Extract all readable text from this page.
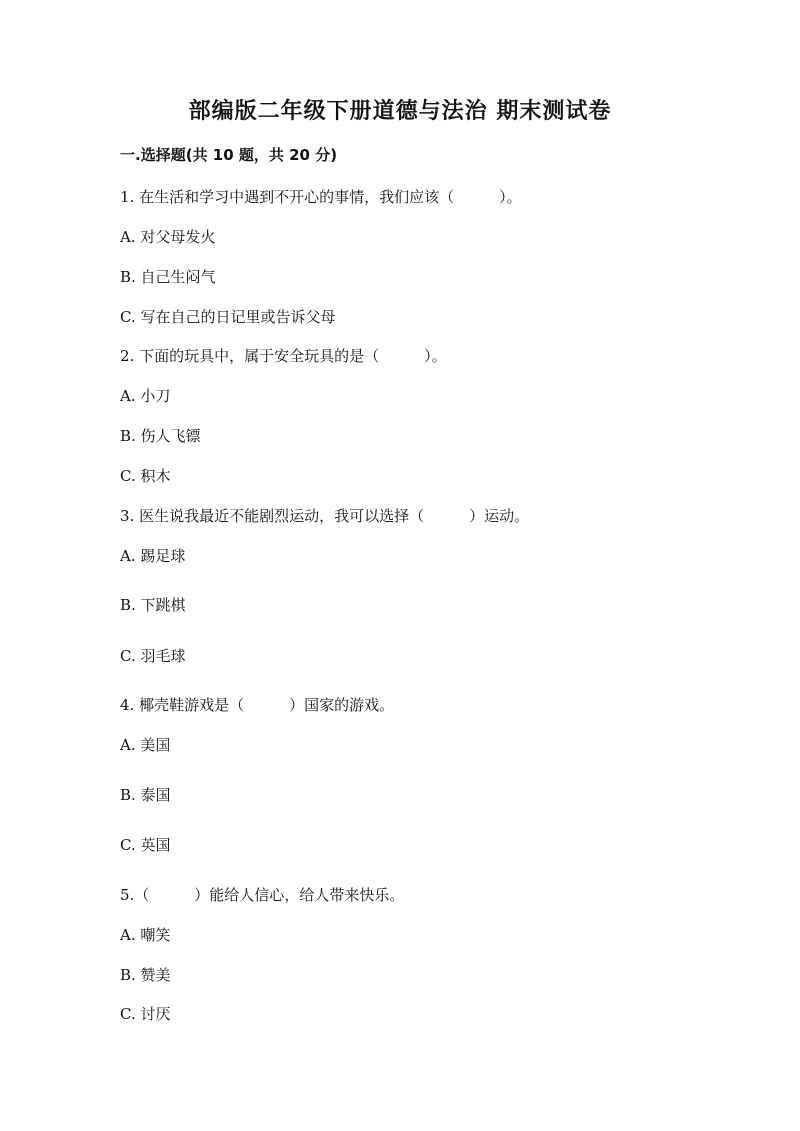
部编版二年级下册道德与法治 期末测试卷
一.选择题(共 10 题，共 20 分)
1. 在生活和学习中遇到不开心的事情，我们应该（　　　）。
A. 对父母发火
B. 自己生闷气
C. 写在自己的日记里或告诉父母
2. 下面的玩具中，属于安全玩具的是（　　　）。
A. 小刀
B. 伤人飞镖
C. 积木
3. 医生说我最近不能剧烈运动，我可以选择（　　　）运动。
A. 踢足球
B. 下跳棋
C. 羽毛球
4. 椰壳鞋游戏是（　　　）国家的游戏。
A. 美国
B. 泰国
C. 英国
5.（　　　）能给人信心，给人带来快乐。
A. 嘲笑
B. 赞美
C. 讨厌
